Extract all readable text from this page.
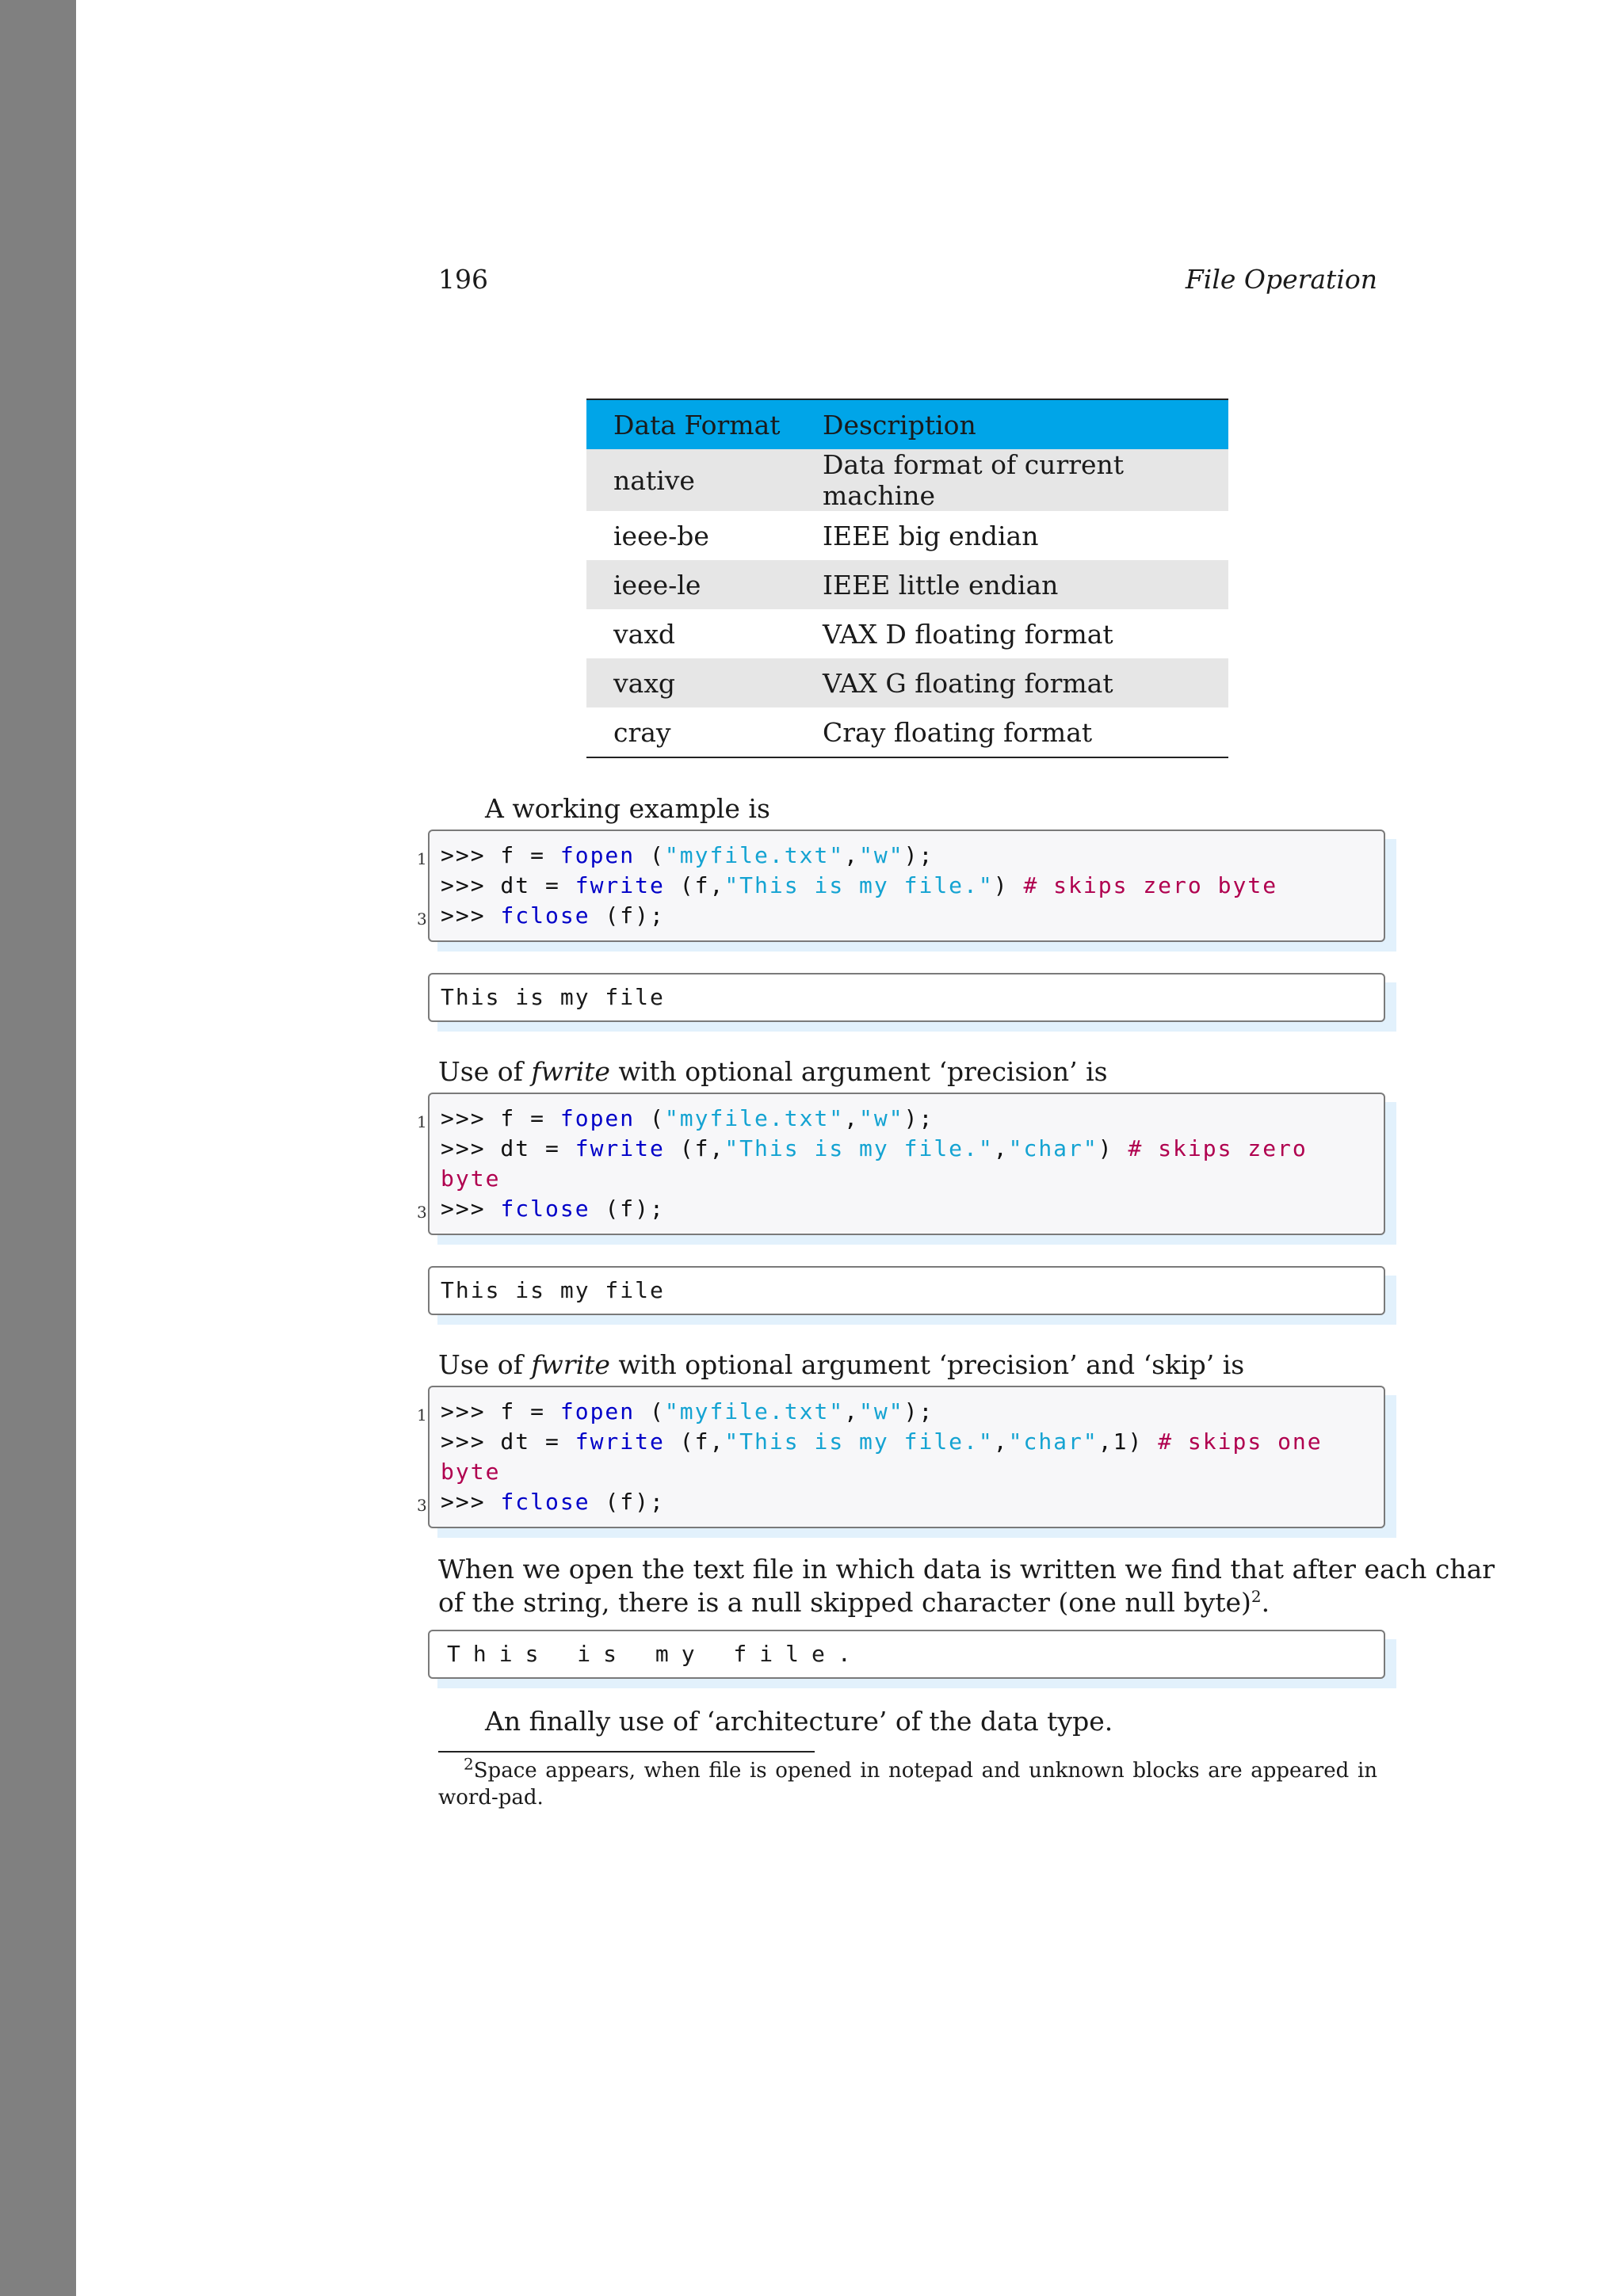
196	File Operation
Data Format	Description
native	Data format of current machine
ieee-be	IEEE big endian
ieee-le	IEEE little endian
vaxd	VAX D floating format
vaxg	VAX G floating format
cray	Cray floating format
A working example is
1 >>> f = fopen ("myfile.txt","w");
>>> dt = fwrite (f,"This is my file.") # skips zero byte
3 >>> fclose (f);
This is my file
Use of fwrite with optional argument ‘precision’ is
1 >>> f = fopen ("myfile.txt","w");
>>> dt = fwrite (f,"This is my file.","char") # skips zero
byte
3 >>> fclose (f);
This is my file
Use of fwrite with optional argument ‘precision’ and ‘skip’ is
1 >>> f = fopen ("myfile.txt","w");
>>> dt = fwrite (f,"This is my file.","char",1) # skips one
byte
3 >>> fclose (f);
When we open the text file in which data is written we find that after each char
of the string, there is a null skipped character (one null byte)$^2$.
This is my file.
An finally use of ‘architecture’ of the data type.
$^2$Space appears, when file is opened in notepad and unknown blocks are appeared in word-pad.
